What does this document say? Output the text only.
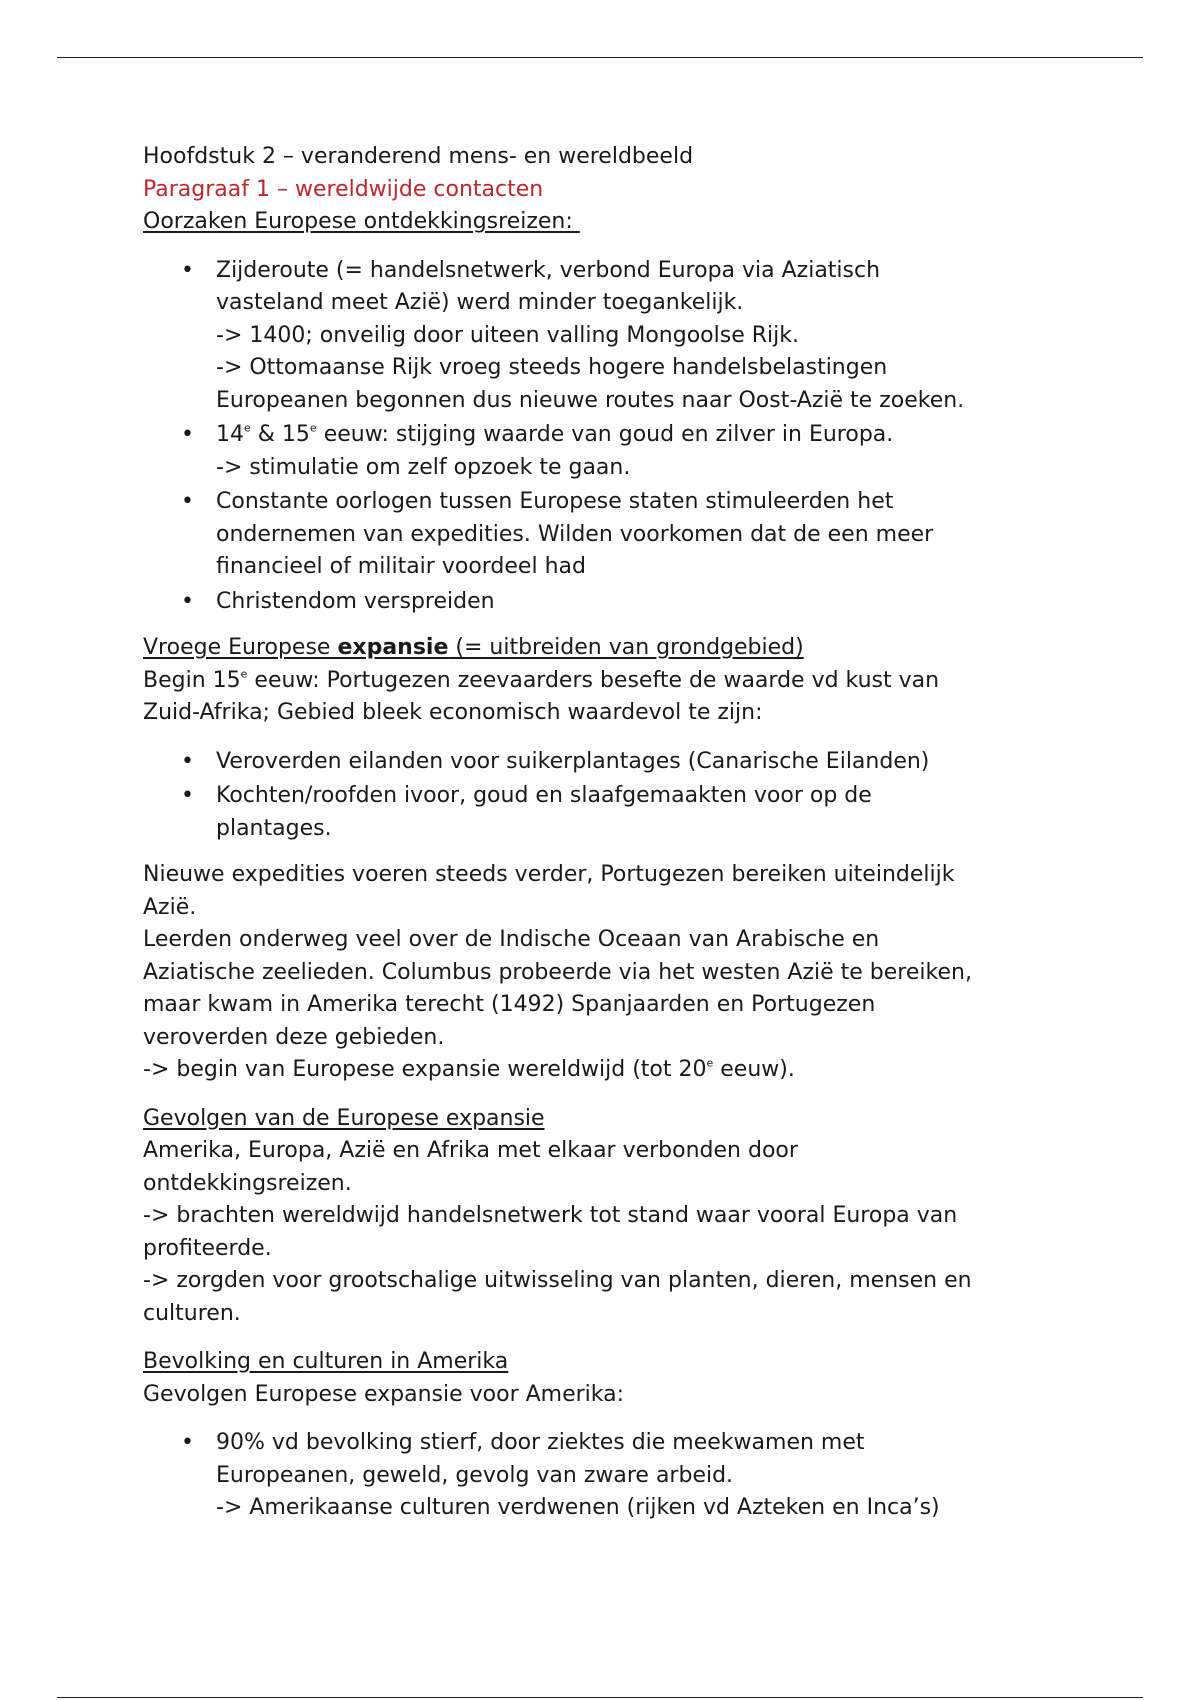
Hoofdstuk 2 – veranderend mens- en wereldbeeld
Paragraaf 1 – wereldwijde contacten
Oorzaken Europese ontdekkingsreizen:
• Zijderoute (= handelsnetwerk, verbond Europa via Aziatisch
vasteland meet Azië) werd minder toegankelijk.
-> 1400; onveilig door uiteen valling Mongoolse Rijk.
-> Ottomaanse Rijk vroeg steeds hogere handelsbelastingen
Europeanen begonnen dus nieuwe routes naar Oost-Azië te zoeken.
• 14e & 15e eeuw: stijging waarde van goud en zilver in Europa.
-> stimulatie om zelf opzoek te gaan.
• Constante oorlogen tussen Europese staten stimuleerden het
ondernemen van expedities. Wilden voorkomen dat de een meer
financieel of militair voordeel had
• Christendom verspreiden
Vroege Europese expansie (= uitbreiden van grondgebied)
Begin 15e eeuw: Portugezen zeevaarders besefte de waarde vd kust van
Zuid-Afrika; Gebied bleek economisch waardevol te zijn:
• Veroverden eilanden voor suikerplantages (Canarische Eilanden)
• Kochten/roofden ivoor, goud en slaafgemaakten voor op de
plantages.
Nieuwe expedities voeren steeds verder, Portugezen bereiken uiteindelijk
Azië.
Leerden onderweg veel over de Indische Oceaan van Arabische en
Aziatische zeelieden. Columbus probeerde via het westen Azië te bereiken,
maar kwam in Amerika terecht (1492) Spanjaarden en Portugezen
veroverden deze gebieden.
-> begin van Europese expansie wereldwijd (tot 20e eeuw).
Gevolgen van de Europese expansie
Amerika, Europa, Azië en Afrika met elkaar verbonden door
ontdekkingsreizen.
-> brachten wereldwijd handelsnetwerk tot stand waar vooral Europa van
profiteerde.
-> zorgden voor grootschalige uitwisseling van planten, dieren, mensen en
culturen.
Bevolking en culturen in Amerika
Gevolgen Europese expansie voor Amerika:
• 90% vd bevolking stierf, door ziektes die meekwamen met
Europeanen, geweld, gevolg van zware arbeid.
-> Amerikaanse culturen verdwenen (rijken vd Azteken en Inca’s)
